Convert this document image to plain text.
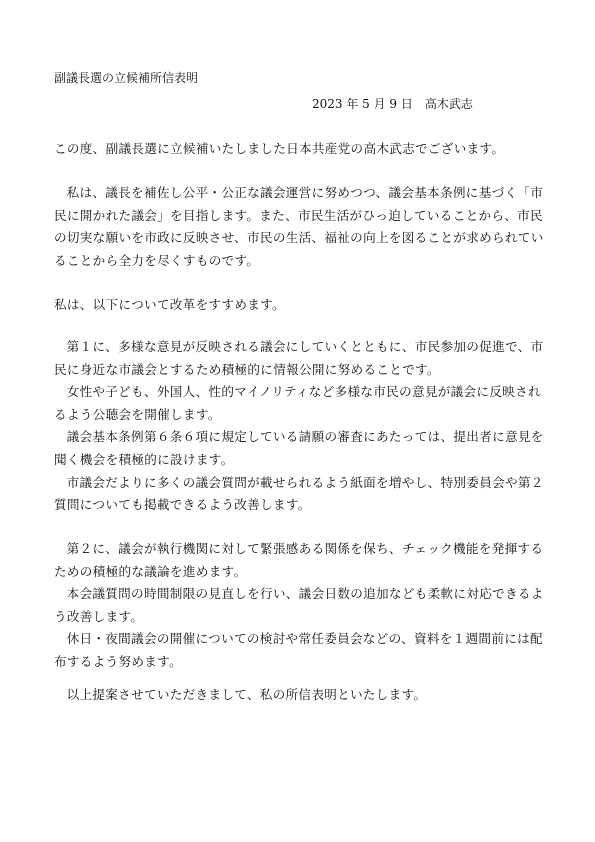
副議長選の立候補所信表明
2023 年 5 月 9 日　 高木武志

この度、副議長選に立候補いたしました日本共産党の高木武志でございます。

私は、議長を補佐し公平・公正な議会運営に努めつつ、議会基本条例に基づく「市民に開かれた議会」を目指します。また、市民生活がひっ迫していることから、市民の切実な願いを市政に反映させ、市民の生活、福祉の向上を図ることが求められていることから全力を尽くすものです。

私は、以下について改革をすすめます。

第１に、多様な意見が反映される議会にしていくとともに、市民参加の促進で、市民に身近な市議会とするため積極的に情報公開に努めることです。

女性や子ども、外国人、性的マイノリティなど多様な市民の意見が議会に反映されるよう公聴会を開催します。

議会基本条例第６条６項に規定している請願の審査にあたっては、提出者に意見を聞く機会を積極的に設けます。

市議会だよりに多くの議会質問が載せられるよう紙面を増やし、特別委員会や第２質問についても掲載できるよう改善します。

第２に、議会が執行機関に対して緊張感ある関係を保ち、チェック機能を発揮するための積極的な議論を進めます。

本会議質問の時間制限の見直しを行い、議会日数の追加なども柔軟に対応できるよう改善します。

休日・夜間議会の開催についての検討や常任委員会などの、資料を１週間前には配布するよう努めます。

以上提案させていただきまして、私の所信表明といたします。
